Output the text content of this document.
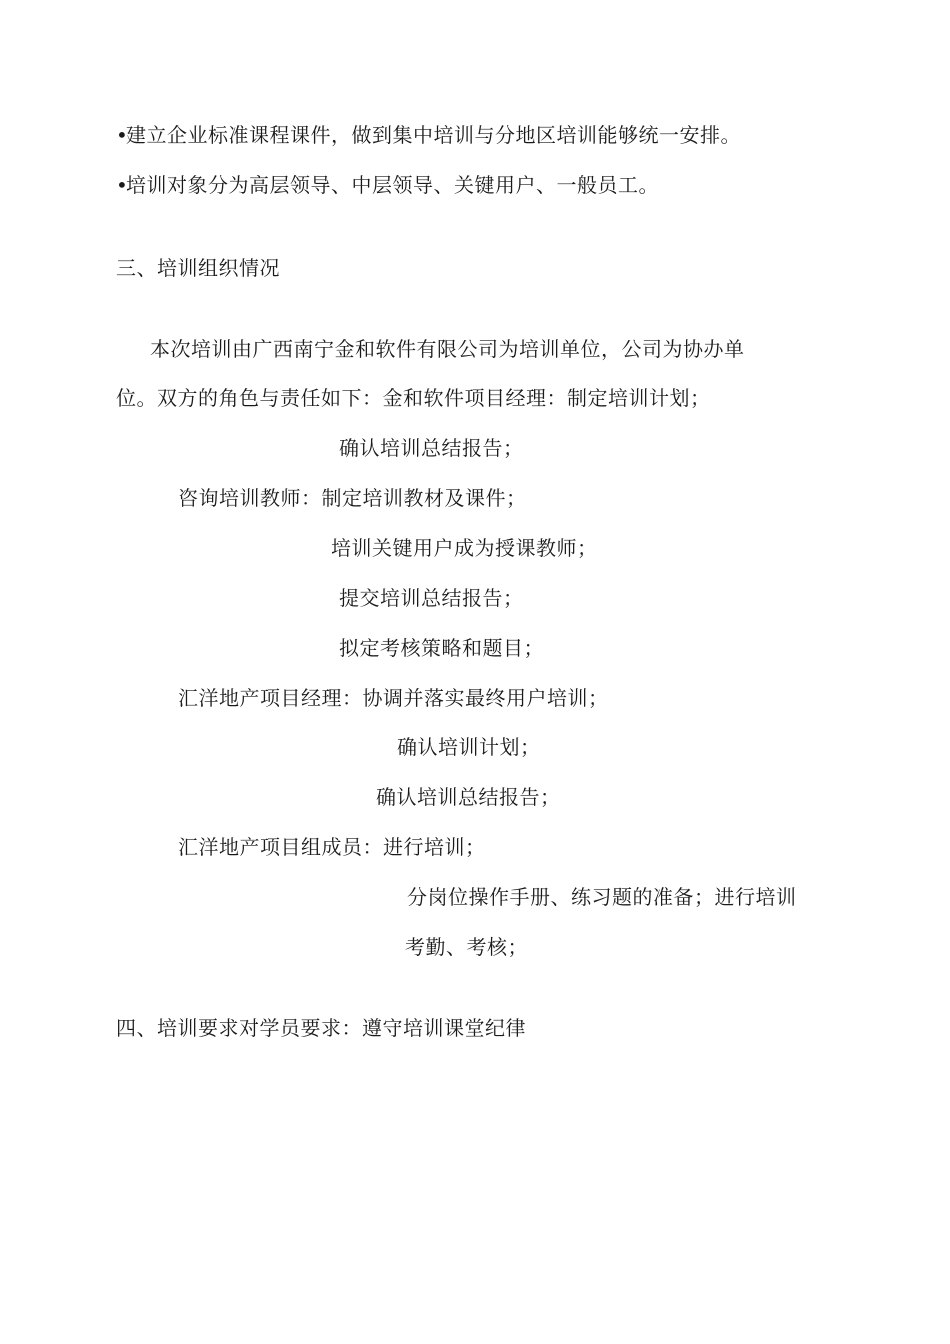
•建立企业标准课程课件，做到集中培训与分地区培训能够统一安排。
•培训对象分为高层领导、中层领导、关键用户、一般员工。
三、培训组织情况
本次培训由广西南宁金和软件有限公司为培训单位，公司为协办单
位。双方的角色与责任如下：金和软件项目经理：制定培训计划；
确认培训总结报告；
咨询培训教师：制定培训教材及课件；
培训关键用户成为授课教师；
提交培训总结报告；
拟定考核策略和题目；
汇洋地产项目经理：协调并落实最终用户培训；
确认培训计划；
确认培训总结报告；
汇洋地产项目组成员：进行培训；
分岗位操作手册、练习题的准备；进行培训
考勤、考核；
四、培训要求对学员要求：遵守培训课堂纪律
